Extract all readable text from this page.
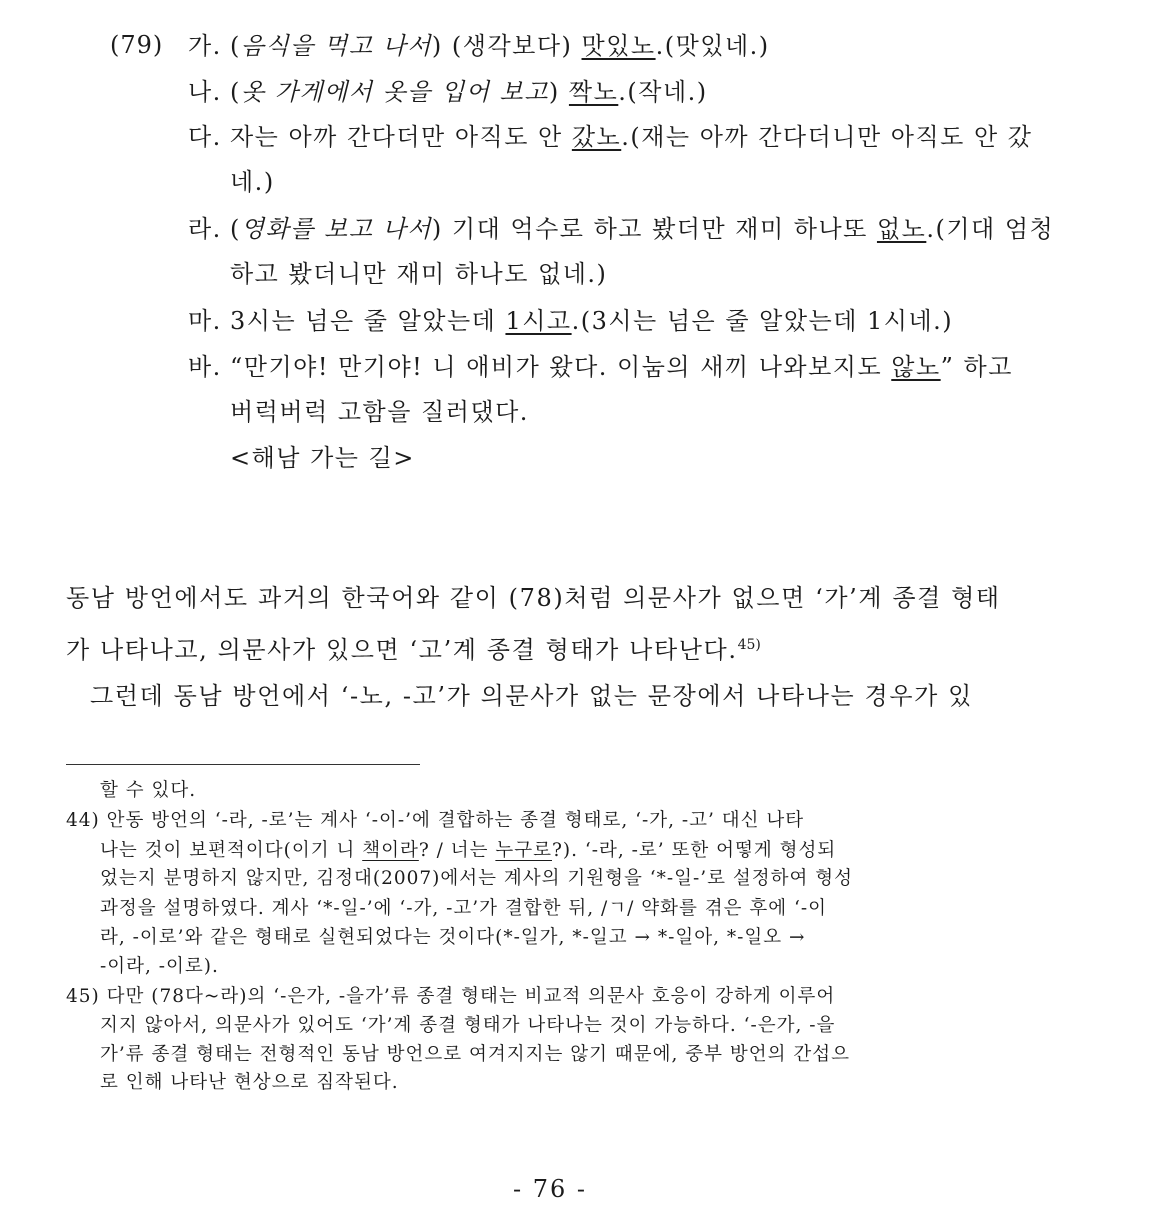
(79) 가. (음식을 먹고 나서) (생각보다) 맛있노.(맛있네.)
나. (옷 가게에서 옷을 입어 보고) 짝노.(작네.)
다. 자는 아까 간다더만 아직도 안 갔노.(재는 아까 간다더니만 아직도 안 갔
네.)
라. (영화를 보고 나서) 기대 억수로 하고 봤더만 재미 하나또 없노.(기대 엄청
하고 봤더니만 재미 하나도 없네.)
마. 3시는 넘은 줄 알았는데 1시고.(3시는 넘은 줄 알았는데 1시네.)
바. “만기야! 만기야! 니 애비가 왔다. 이눔의 새끼 나와보지도 않노” 하고
버럭버럭 고함을 질러댔다.
<해남 가는 길>
동남 방언에서도 과거의 한국어와 같이 (78)처럼 의문사가 없으면 ‘가’계 종결 형태
가 나타나고, 의문사가 있으면 ‘고’계 종결 형태가 나타난다.$^{45)}$
그런데 동남 방언에서 ‘-노, -고’가 의문사가 없는 문장에서 나타나는 경우가 있
할 수 있다.
44) 안동 방언의 ‘-라, -로’는 계사 ‘-이-’에 결합하는 종결 형태로, ‘-가, -고’ 대신 나타
나는 것이 보편적이다(이기 니 책이라? / 너는 누구로?). ‘-라, -로’ 또한 어떻게 형성되
었는지 분명하지 않지만, 김정대(2007)에서는 계사의 기원형을 ‘*-일-’로 설정하여 형성
과정을 설명하였다. 계사 ‘*-일-’에 ‘-가, -고’가 결합한 뒤, /ㄱ/ 약화를 겪은 후에 ‘-이
라, -이로’와 같은 형태로 실현되었다는 것이다(*-일가, *-일고 → *-일아, *-일오 →
-이라, -이로).
45) 다만 (78다~라)의 ‘-은가, -을가’류 종결 형태는 비교적 의문사 호응이 강하게 이루어
지지 않아서, 의문사가 있어도 ‘가’계 종결 형태가 나타나는 것이 가능하다. ‘-은가, -을
가’류 종결 형태는 전형적인 동남 방언으로 여겨지지는 않기 때문에, 중부 방언의 간섭으
로 인해 나타난 현상으로 짐작된다.
- 76 -
